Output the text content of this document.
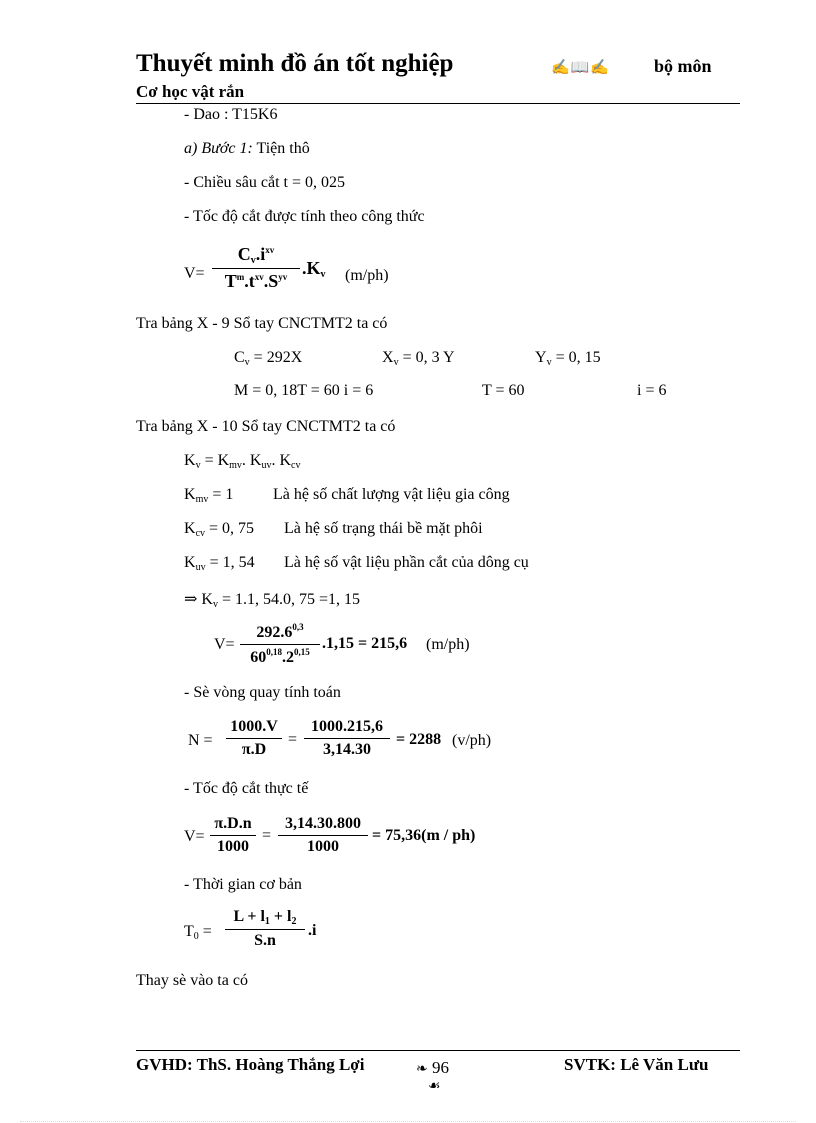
Thuyết minh đồ án tốt nghiệp	✍📖✍ bộ môn
Cơ học vật rắn
- Dao : T15K6
a) Bước 1: Tiện thô
- Chiều sâu cắt t = 0, 025
- Tốc độ cắt được tính theo công thức
V=
$C_v.i^{xv}$
$T^m.t^{xv}.S^{yv}$ $.K_v$ (m/ph)
Tra bảng X - 9 Sổ tay CNCTMT2 ta có
$C_v = 292X$	$X_v = 0$, 3 Y	$Y_v = 0$, 15
M = 0, 18T = 60 i = 6	T = 60	i = 6
Tra bảng X - 10 Sổ tay CNCTMT2 ta có
$K_v = K_{mv}$. $K_{uv}$. $K_{cv}$
$K_{mv} = 1$ Là hệ số chất lượng vật liệu gia công
$K_{cv} = 0$, 75 Là hệ số trạng thái bề mặt phôi
$K_{uv} = 1$, 54 Là hệ số vật liệu phần cắt của dông cụ
⇒ $K_v = 1.1$, 54.0, 75 =1, 15
V=
$292.6^{0,3}$
60$^{0,18}$.2$^{0,15}$ .1,15 = 215,6 (m/ph)
- Sè vòng quay tính toán
N =
1000.V
π.D
=
1000.215,6
3,14.30
= 2288 (v/ph)
- Tốc độ cắt thực tế
V=
π.D.n
1000
=
3,14.30.800
1000
= 75,36(m / ph)
- Thời gian cơ bản
$T_0$ =
$L + l_1 + l_2$
S.n
.i
Thay sè vào ta có
GVHD: ThS. Hoàng Thắng Lợi	❧ 96
☙
SVTK: Lê Văn Lưu
